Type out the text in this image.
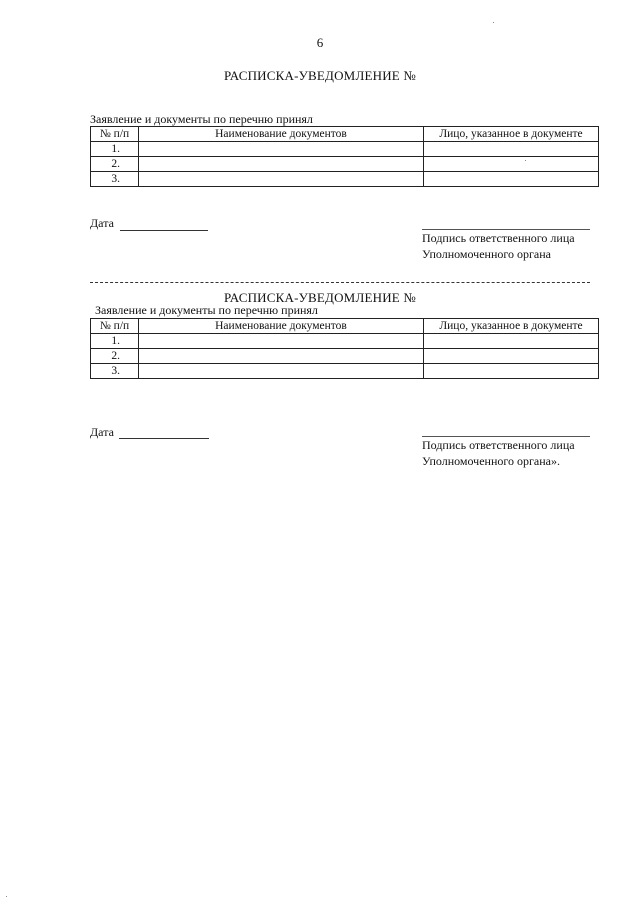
6
РАСПИСКА-УВЕДОМЛЕНИЕ №
Заявление и документы по перечню принял
№ п/п	Наименование документов	Лицо, указанное в документе
1.		
2.		
3.		
Дата
Подпись ответственного лица
Уполномоченного органа
РАСПИСКА-УВЕДОМЛЕНИЕ №
Заявление и документы по перечню принял
№ п/п	Наименование документов	Лицо, указанное в документе
1.		
2.		
3.		
Дата
Подпись ответственного лица
Уполномоченного органа».
